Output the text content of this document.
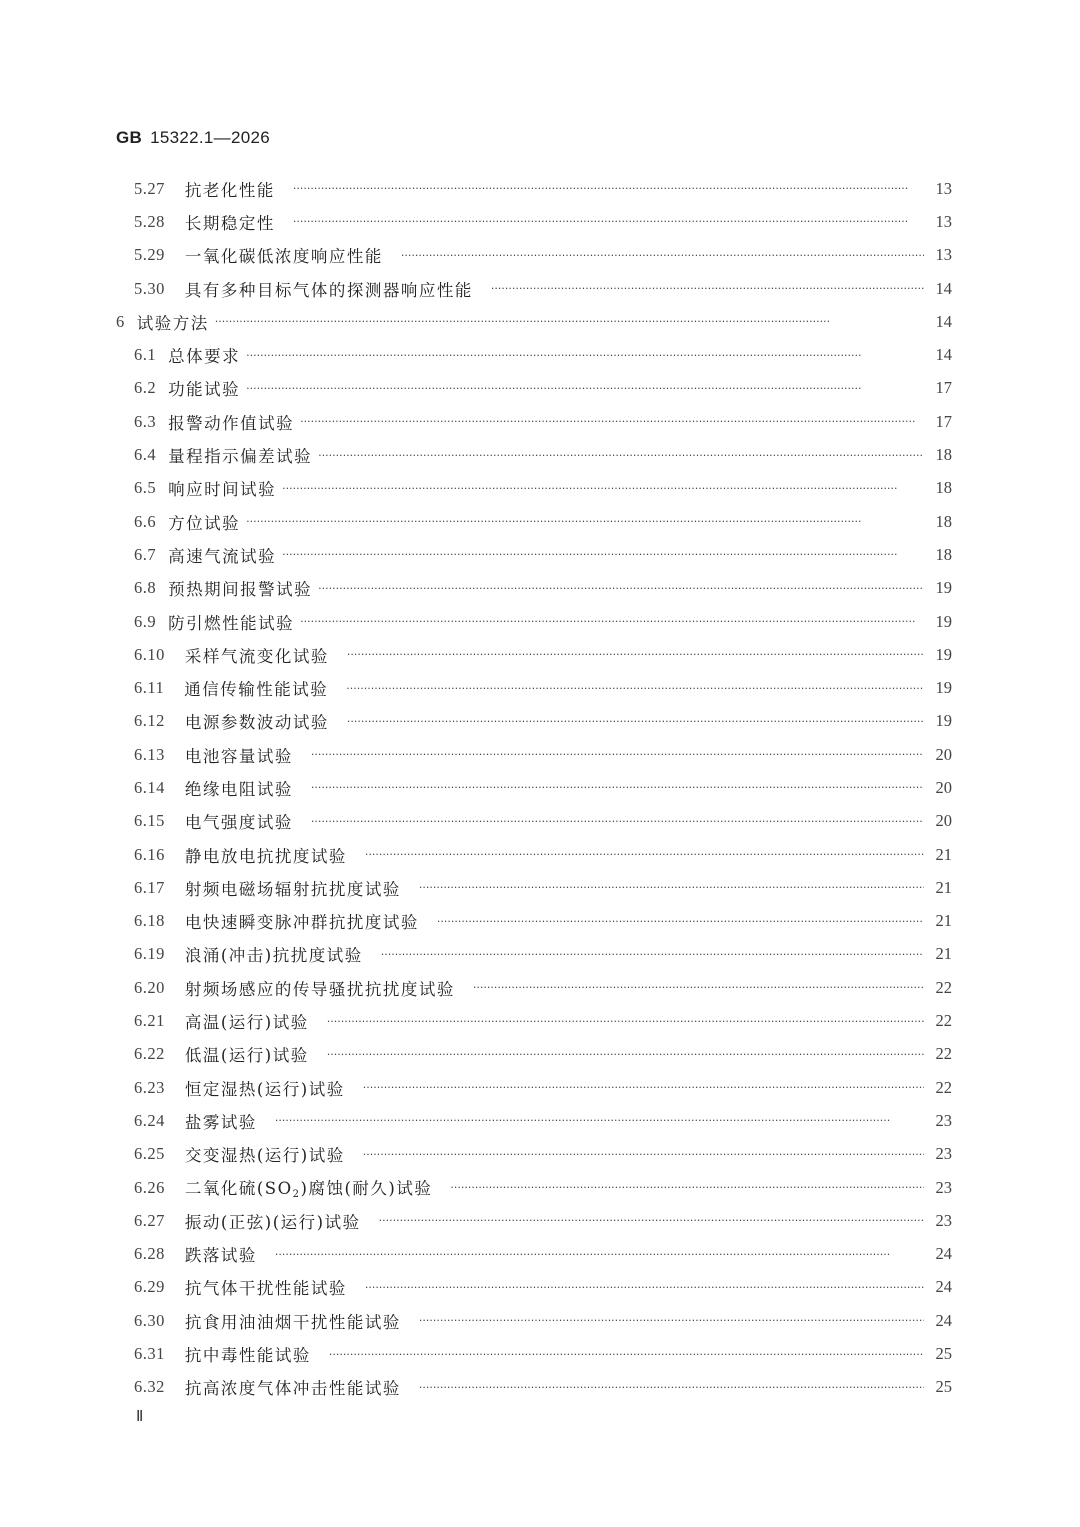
GB 15322.1—2026
5.27 抗老化性能 ·····	13
5.28 长期稳定性 ·····	13
5.29 一氧化碳低浓度响应性能 ·····	13
5.30 具有多种目标气体的探测器响应性能 ·····	14
6 试验方法 ·····	14
6.1 总体要求 ·····	14
6.2 功能试验 ·····	17
6.3 报警动作值试验 ·····	17
6.4 量程指示偏差试验 ·····	18
6.5 响应时间试验 ·····	18
6.6 方位试验 ·····	18
6.7 高速气流试验 ·····	18
6.8 预热期间报警试验 ·····	19
6.9 防引燃性能试验 ·····	19
6.10 采样气流变化试验 ·····	19
6.11 通信传输性能试验 ·····	19
6.12 电源参数波动试验 ·····	19
6.13 电池容量试验 ·····	20
6.14 绝缘电阻试验 ·····	20
6.15 电气强度试验 ·····	20
6.16 静电放电抗扰度试验 ·····	21
6.17 射频电磁场辐射抗扰度试验 ·····	21
6.18 电快速瞬变脉冲群抗扰度试验 ·····	21
6.19 浪涌(冲击)抗扰度试验 ·····	21
6.20 射频场感应的传导骚扰抗扰度试验 ·····	22
6.21 高温(运行)试验 ·····	22
6.22 低温(运行)试验 ·····	22
6.23 恒定湿热(运行)试验 ·····	22
6.24 盐雾试验 ·····	23
6.25 交变湿热(运行)试验 ·····	23
6.26 二氧化硫$(SO_2)$腐蚀(耐久)试验 ·····	23
6.27 振动(正弦)(运行)试验 ·····	23
6.28 跌落试验 ·····	24
6.29 抗气体干扰性能试验 ·····	24
6.30 抗食用油油烟干扰性能试验 ·····	24
6.31 抗中毒性能试验 ·····	25
6.32 抗高浓度气体冲击性能试验 ·····	25
Ⅱ
